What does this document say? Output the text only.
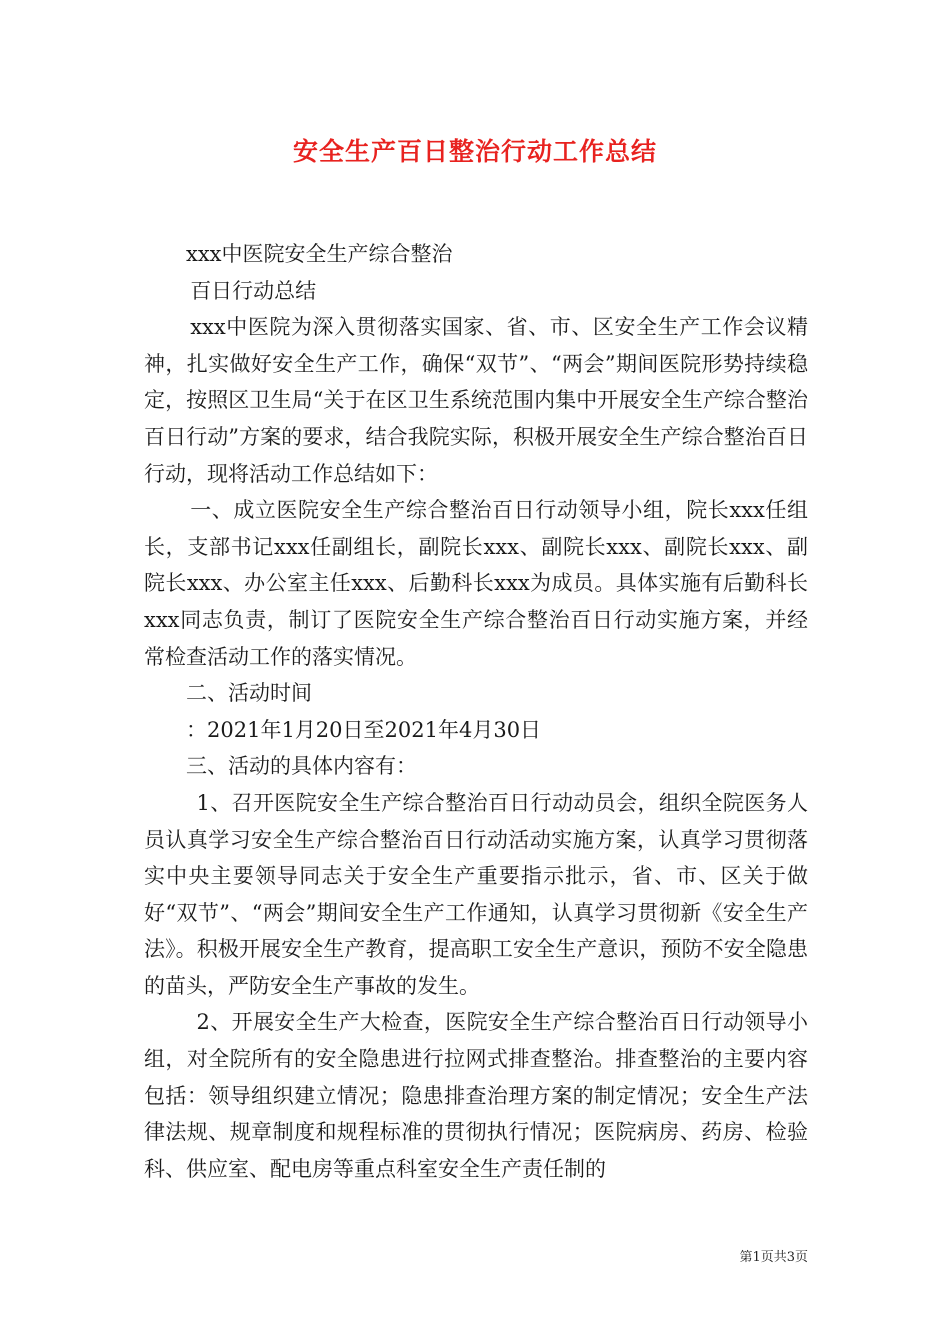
安全生产百日整治行动工作总结

xxx中医院安全生产综合整治

百日行动总结

xxx中医院为深入贯彻落实国家、省、市、区安全生产工作会议精神，扎实做好安全生产工作，确保“双节”、“两会”期间医院形势持续稳定，按照区卫生局“关于在区卫生系统范围内集中开展安全生产综合整治百日行动”方案的要求，结合我院实际，积极开展安全生产综合整治百日行动，现将活动工作总结如下：

一、成立医院安全生产综合整治百日行动领导小组，院长xxx任组长，支部书记xxx任副组长，副院长xxx、副院长xxx、副院长xxx、副院长xxx、办公室主任xxx、后勤科长xxx为成员。具体实施有后勤科长xxx同志负责，制订了医院安全生产综合整治百日行动实施方案，并经常检查活动工作的落实情况。

二、活动时间

：2021年1月20日至2021年4月30日

三、活动的具体内容有：

1、召开医院安全生产综合整治百日行动动员会，组织全院医务人员认真学习安全生产综合整治百日行动活动实施方案，认真学习贯彻落实中央主要领导同志关于安全生产重要指示批示，省、市、区关于做好“双节”、“两会”期间安全生产工作通知，认真学习贯彻新《安全生产法》。积极开展安全生产教育，提高职工安全生产意识，预防不安全隐患的苗头，严防安全生产事故的发生。

2、开展安全生产大检查，医院安全生产综合整治百日行动领导小组，对全院所有的安全隐患进行拉网式排查整治。排查整治的主要内容包括：领导组织建立情况；隐患排查治理方案的制定情况；安全生产法律法规、规章制度和规程标准的贯彻执行情况；医院病房、药房、检验科、供应室、配电房等重点科室安全生产责任制的

第1页共3页
